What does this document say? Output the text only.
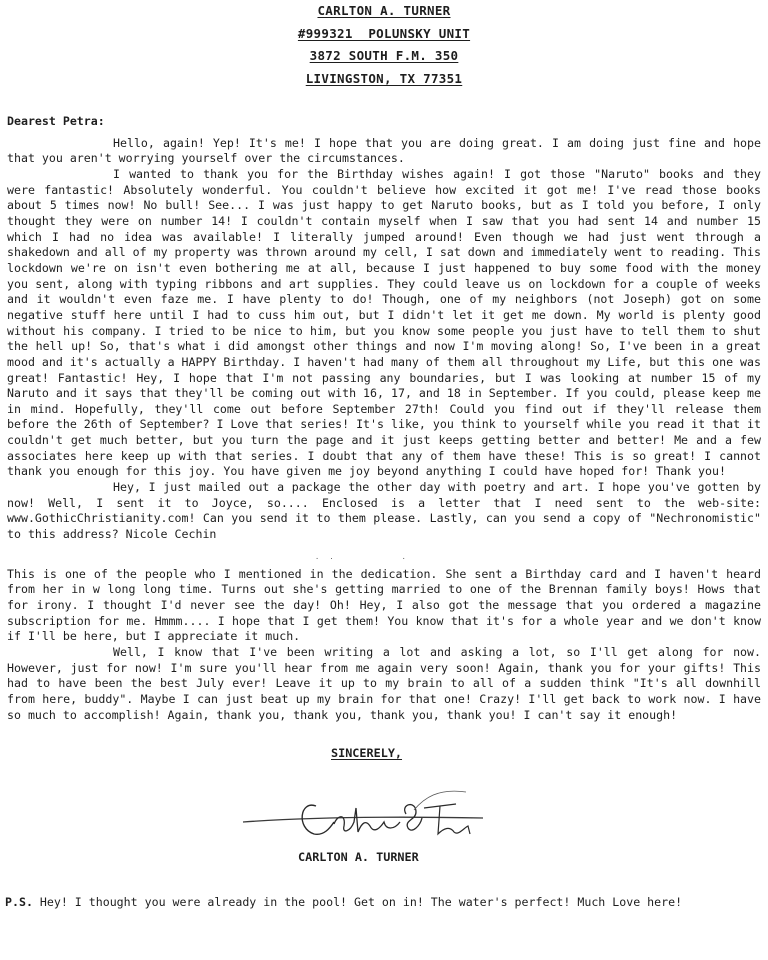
CARLTON A. TURNER
#999321  POLUNSKY UNIT
3872 SOUTH F.M. 350
LIVINGSTON, TX 77351

Dearest Petra:

Hello, again! Yep! It's me! I hope that you are doing great. I am doing just fine and hope that you aren't worrying yourself over the circumstances.

I wanted to thank you for the Birthday wishes again! I got those "Naruto" books and they were fantastic! Absolutely wonderful. You couldn't believe how excited it got me! I've read those books about 5 times now! No bull! See... I was just happy to get Naruto books, but as I told you before, I only thought they were on number 14! I couldn't contain myself when I saw that you had sent 14 and number 15 which I had no idea was available! I literally jumped around! Even though we had just went through a shakedown and all of my property was thrown around my cell, I sat down and immediately went to reading. This lockdown we're on isn't even bothering me at all, because I just happened to buy some food with the money you sent, along with typing ribbons and art supplies. They could leave us on lockdown for a couple of weeks and it wouldn't even faze me. I have plenty to do! Though, one of my neighbors (not Joseph) got on some negative stuff here until I had to cuss him out, but I didn't let it get me down. My world is plenty good without his company. I tried to be nice to him, but you know some people you just have to tell them to shut the hell up! So, that's what i did amongst other things and now I'm moving along! So, I've been in a great mood and it's actually a HAPPY Birthday. I haven't had many of them all throughout my Life, but this one was great! Fantastic! Hey, I hope that I'm not passing any boundaries, but I was looking at number 15 of my Naruto and it says that they'll be coming out with 16, 17, and 18 in September. If you could, please keep me in mind. Hopefully, they'll come out before September 27th! Could you find out if they'll release them before the 26th of September? I Love that series! It's like, you think to yourself while you read it that it couldn't get much better, but you turn the page and it just keeps getting better and better! Me and a few associates here keep up with that series. I doubt that any of them have these! This is so great! I cannot thank you enough for this joy. You have given me joy beyond anything I could have hoped for! Thank you!

Hey, I just mailed out a package the other day with poetry and art. I hope you've gotten by now! Well, I sent it to Joyce, so.... Enclosed is a letter that I need sent to the web-site: www.GothicChristianity.com! Can you send it to them please. Lastly, can you send a copy of "Nechronomistic" to this address? Nicole Cechin

. .         .

This is one of the people who I mentioned in the dedication. She sent a Birthday card and I haven't heard from her in w long long time. Turns out she's getting married to one of the Brennan family boys! Hows that for irony. I thought I'd never see the day! Oh! Hey, I also got the message that you ordered a magazine subscription for me. Hmmm.... I hope that I get them! You know that it's for a whole year and we don't know if I'll be here, but I appreciate it much.

Well, I know that I've been writing a lot and asking a lot, so I'll get along for now. However, just for now! I'm sure you'll hear from me again very soon! Again, thank you for your gifts! This had to have been the best July ever! Leave it up to my brain to all of a sudden think "It's all downhill from here, buddy". Maybe I can just beat up my brain for that one! Crazy! I'll get back to work now. I have so much to accomplish! Again, thank you, thank you, thank you, thank you! I can't say it enough!

SINCERELY,
CARLTON A. TURNER
P.S. Hey! I thought you were already in the pool! Get on in! The water's perfect! Much Love here!
